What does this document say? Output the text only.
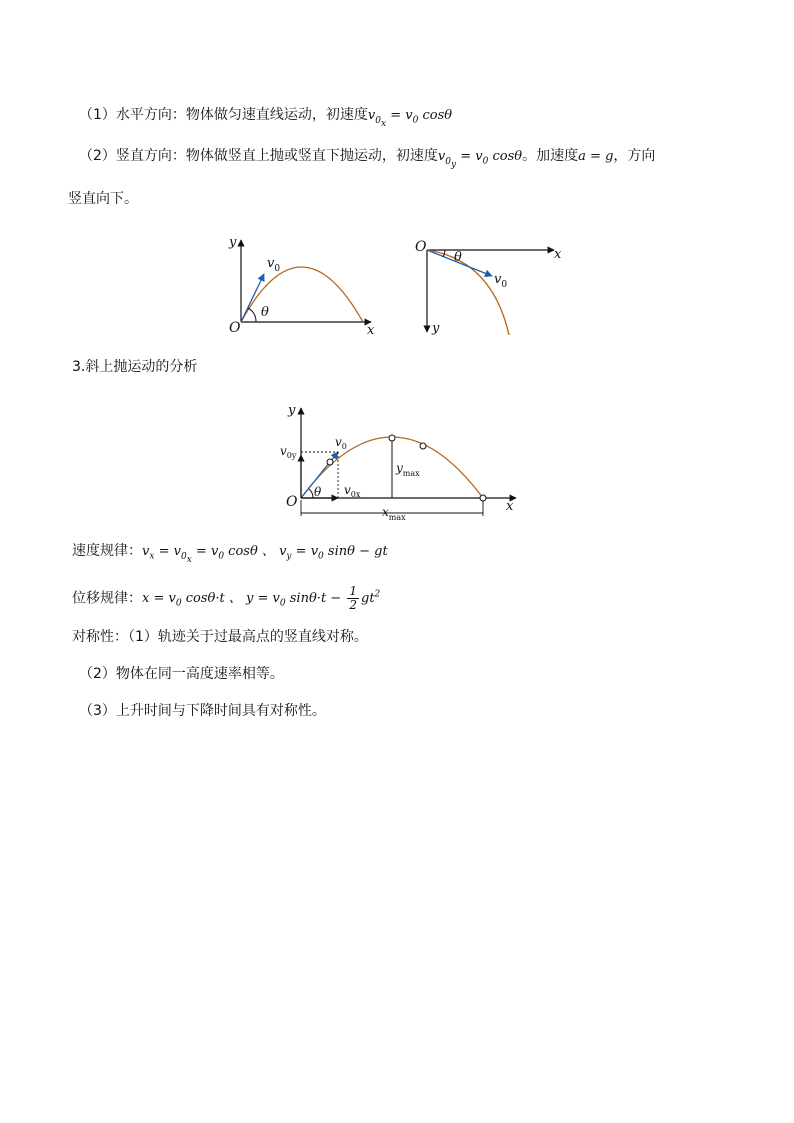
（1）水平方向：物体做匀速直线运动，初速度$v_{0_x} = v_0$ cosθ
（2）竖直方向：物体做竖直上抛或竖直下抛运动，初速度$v_{0_y} = v_0$ cosθ。加速度a = g，方向
竖直向下。
y
x
O
θ
$v_0$
O	x
y
θ
$v_0$
3.斜上抛运动的分析
y
x
O
θ
$v_0$
$v_{0y}$
$v_{0x}$
$y_{max}$
$x_{max}$
速度规律：$v_x = v_{0_x} = v_0$ cosθ 、 $v_y = v_0$ sinθ − gt
位移规律：$x = v_0$ cosθ·t 、 $y = v_0$ $\sin\theta\cdot t - \frac{1}{2} gt^2$
对称性：（1）轨迹关于过最高点的竖直线对称。
（2）物体在同一高度速率相等。
（3）上升时间与下降时间具有对称性。
